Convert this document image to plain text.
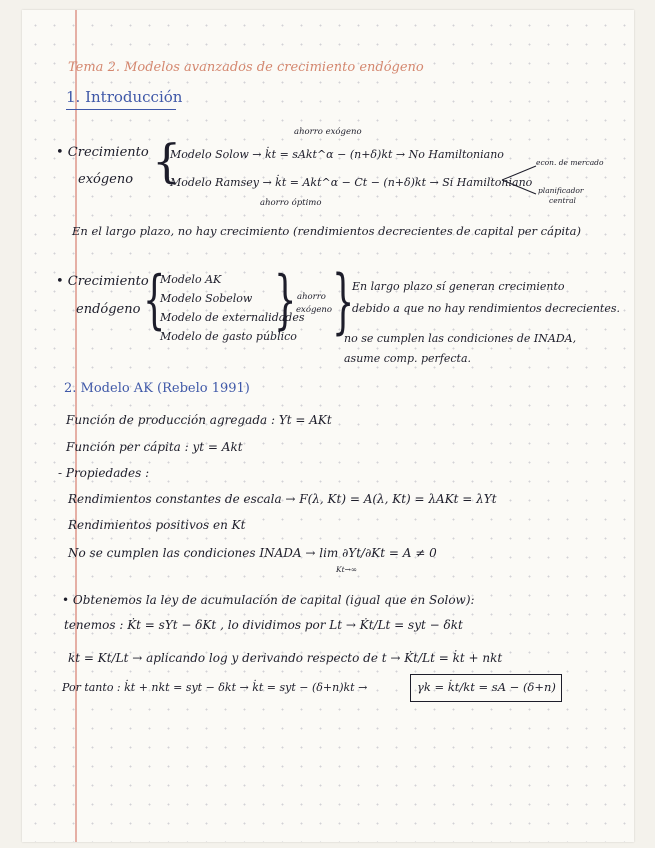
Tema 2. Modelos avanzados de crecimiento endógeno
1. Introducción
• Crecimiento
exógeno {
ahorro exógeno
Modelo Solow → k̇t = sAkt^α − (n+δ)kt → No Hamiltoniano
Modelo Ramsey → k̇t = Akt^α − Ct − (n+δ)kt → Si Hamiltoniano
ahorro óptimo
econ. de mercado
planificador
central
En el largo plazo, no hay crecimiento (rendimientos decrecientes de capital per cápita)
• Crecimiento
endógeno {
Modelo AK
Modelo Sobelow
Modelo de externalidades
Modelo de gasto público
} ahorro
exógeno }
En largo plazo sí generan crecimiento
debido a que no hay rendimientos decrecientes.
no se cumplen las condiciones de INADA,
asume comp. perfecta.
2. Modelo AK (Rebelo 1991)
Función de producción agregada : Yt = AKt
Función per cápita : yt = Akt
- Propiedades :
Rendimientos constantes de escala → F(λ, Kt) = A(λ, Kt) = λAKt = λYt
Rendimientos positivos en Kt
No se cumplen las condiciones INADA → lim ∂Yt/∂Kt = A ≠ 0
Kt→∞
• Obtenemos la ley de acumulación de capital (igual que en Solow):
tenemos : K̇t = sYt − δKt , lo dividimos por Lt → K̇t/Lt = syt − δkt
kt = Kt/Lt → aplicando log y derivando respecto de t → K̇t/Lt = k̇t + nkt
Por tanto : k̇t + nkt = syt − δkt → k̇t = syt − (δ+n)kt →	γk = k̇t/kt = sA − (δ+n)
